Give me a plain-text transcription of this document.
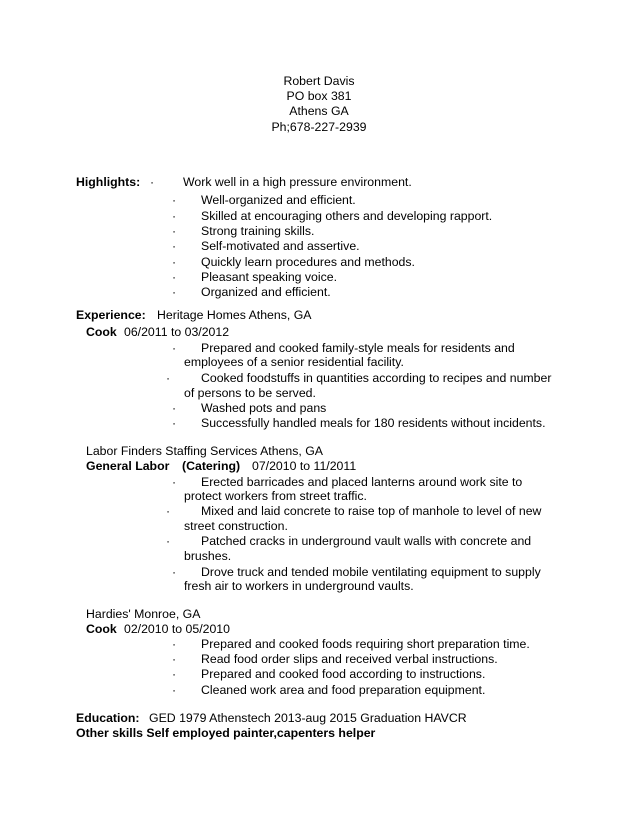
Robert Davis
PO box 381
Athens GA
Ph;678-227-2939
Highlights: · Work well in a high pressure environment.
· Well-organized and efficient.
· Skilled at encouraging others and developing rapport.
· Strong training skills.
· Self-motivated and assertive.
· Quickly learn procedures and methods.
· Pleasant speaking voice.
· Organized and efficient.
Experience: Heritage Homes Athens, GA
Cook 06/2011 to 03/2012
· Prepared and cooked family-style meals for residents and
employees of a senior residential facility.
·	Cooked foodstuffs in quantities according to recipes and number
of persons to be served.
· Washed pots and pans
· Successfully handled meals for 180 residents without incidents.
Labor Finders Staffing Services Athens, GA
General Labor (Catering) 07/2010 to 11/2011
· Erected barricades and placed lanterns around work site to
protect workers from street traffic.
·	Mixed and laid concrete to raise top of manhole to level of new
street construction.
·	Patched cracks in underground vault walls with concrete and
brushes.
· Drove truck and tended mobile ventilating equipment to supply
fresh air to workers in underground vaults.
Hardies' Monroe, GA
Cook 02/2010 to 05/2010
· Prepared and cooked foods requiring short preparation time.
· Read food order slips and received verbal instructions.
· Prepared and cooked food according to instructions.
· Cleaned work area and food preparation equipment.
Education: GED 1979 Athenstech 2013-aug 2015 Graduation HAVCR
Other skills Self employed painter,capenters helper
